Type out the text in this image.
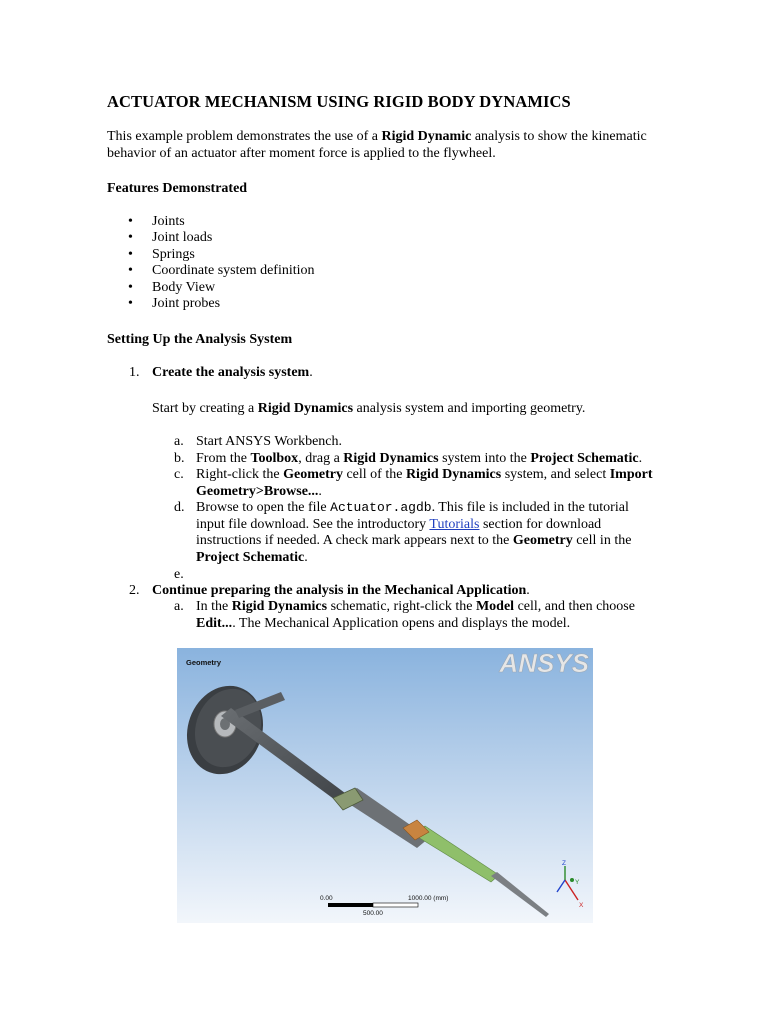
ACTUATOR MECHANISM USING RIGID BODY DYNAMICS
This example problem demonstrates the use of a Rigid Dynamic analysis to show the kinematic behavior of an actuator after moment force is applied to the flywheel.
Features Demonstrated
• Joints
• Joint loads
• Springs
• Coordinate system definition
• Body View
• Joint probes
Setting Up the Analysis System
1. Create the analysis system.
Start by creating a Rigid Dynamics analysis system and importing geometry.
a. Start ANSYS Workbench.
b. From the Toolbox, drag a Rigid Dynamics system into the Project Schematic.
c. Right-click the Geometry cell of the Rigid Dynamics system, and select Import Geometry>Browse....
d. Browse to open the file Actuator.agdb. This file is included in the tutorial input file download. See the introductory Tutorials section for download instructions if needed. A check mark appears next to the Geometry cell in the Project Schematic.
e.
2. Continue preparing the analysis in the Mechanical Application.
a. In the Rigid Dynamics schematic, right-click the Model cell, and then choose Edit.... The Mechanical Application opens and displays the model.
Geometry	ANSYS
0.00	1000.00 (mm)
500.00
Z
Y
X
